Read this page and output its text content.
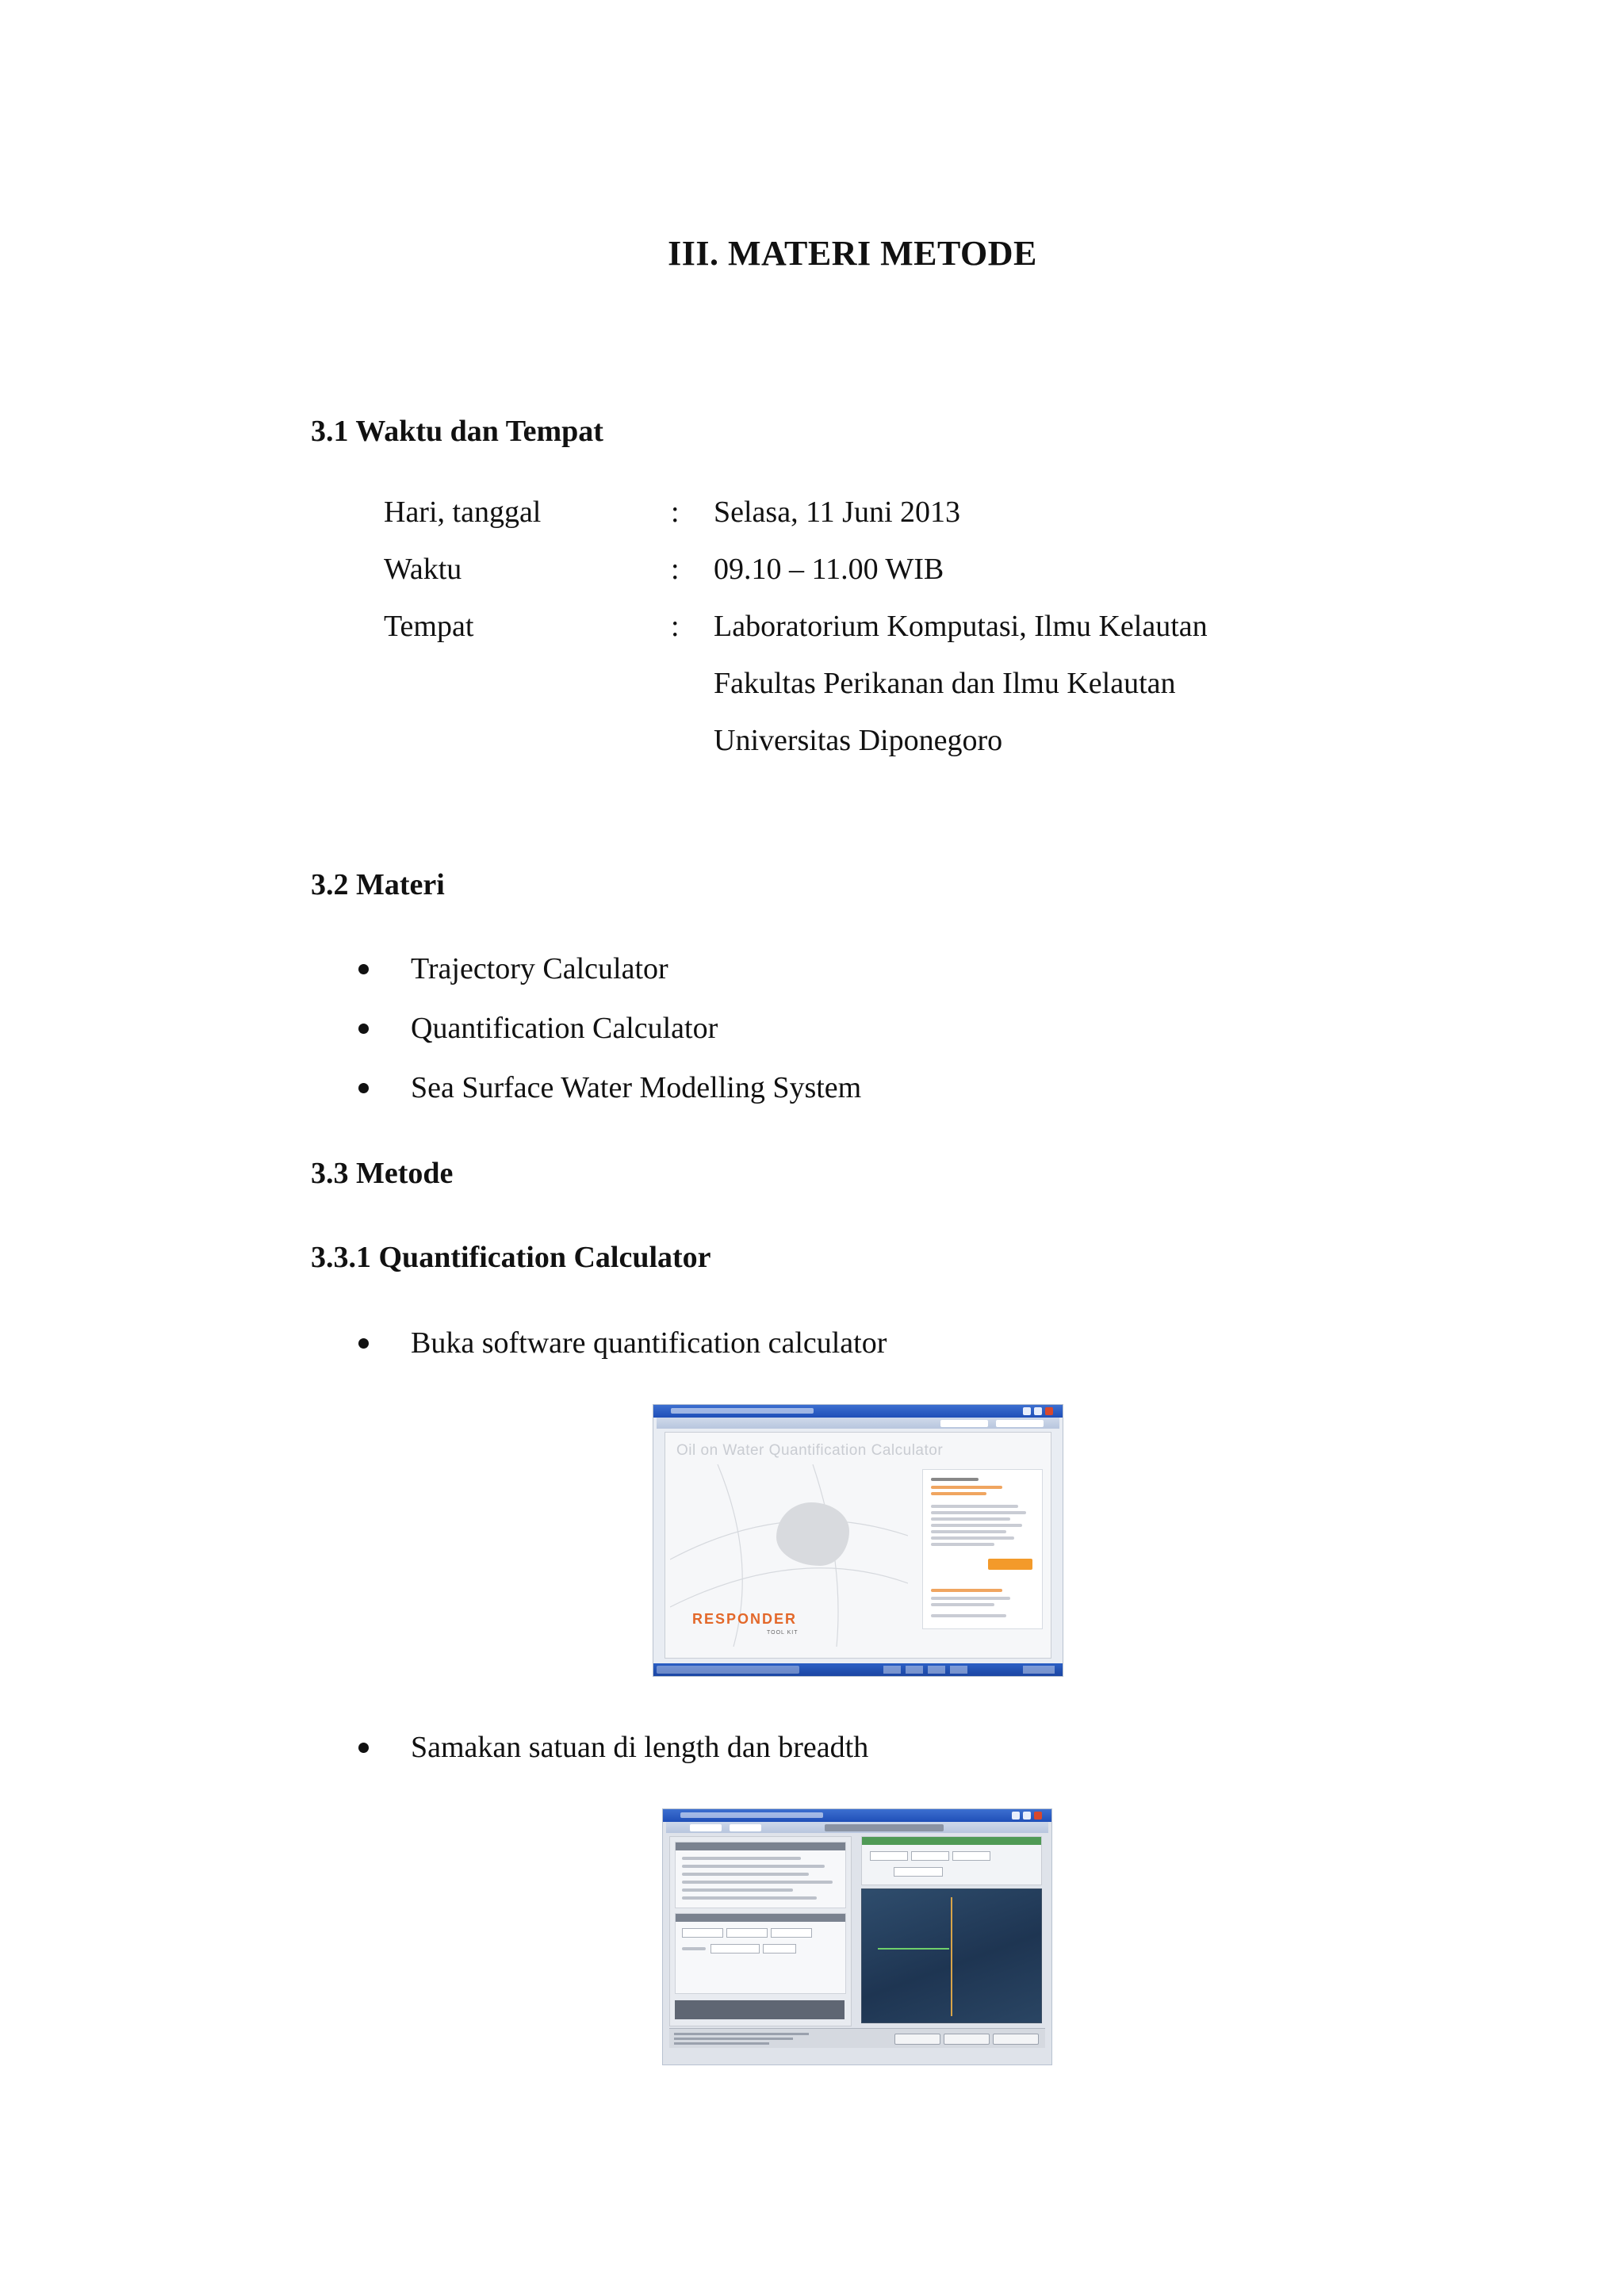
III. MATERI METODE
3.1 Waktu dan Tempat
Hari, tanggal	: Selasa, 11 Juni 2013
Waktu	: 09.10 – 11.00 WIB
Tempat	: Laboratorium Komputasi, Ilmu Kelautan
Fakultas Perikanan dan Ilmu Kelautan
Universitas Diponegoro
3.2 Materi
Trajectory Calculator
Quantification Calculator
Sea Surface Water Modelling System
3.3 Metode
3.3.1 Quantification Calculator
Buka software quantification calculator
Oil on Water Quantification Calculator
RESPONDER
TOOL KIT
Samakan satuan di length dan breadth
